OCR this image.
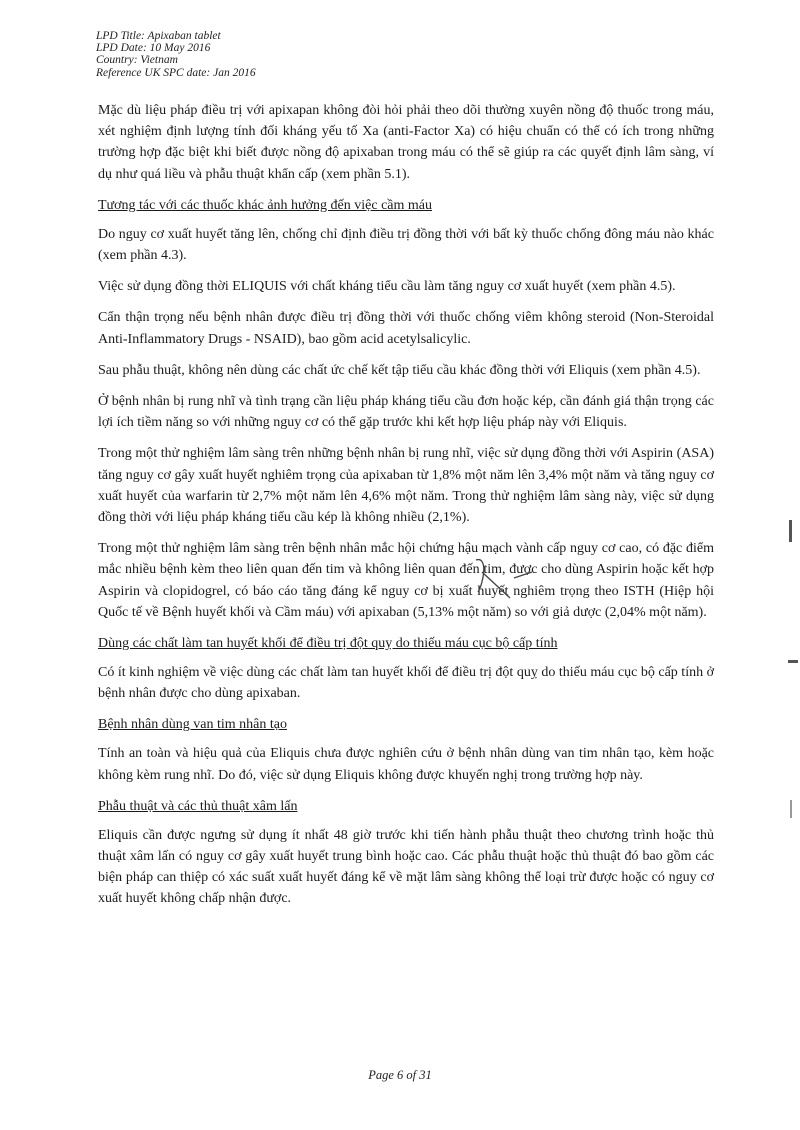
LPD Title: Apixaban tablet
LPD Date: 10 May 2016
Country: Vietnam
Reference UK SPC date: Jan 2016
Mặc dù liệu pháp điều trị với apixapan không đòi hỏi phải theo dõi thường xuyên nồng độ thuốc trong máu, xét nghiệm định lượng tính đối kháng yếu tố Xa (anti-Factor Xa) có hiệu chuẩn có thể có ích trong những trường hợp đặc biệt khi biết được nồng độ apixaban trong máu có thể sẽ giúp ra các quyết định lâm sàng, ví dụ như quá liều và phẫu thuật khẩn cấp (xem phần 5.1).
Tương tác với các thuốc khác ảnh hưởng đến việc cầm máu
Do nguy cơ xuất huyết tăng lên, chống chỉ định điều trị đồng thời với bất kỳ thuốc chống đông máu nào khác (xem phần 4.3).
Việc sử dụng đồng thời ELIQUIS với chất kháng tiểu cầu làm tăng nguy cơ xuất huyết (xem phần 4.5).
Cẩn thận trọng nếu bệnh nhân được điều trị đồng thời với thuốc chống viêm không steroid (Non-Steroidal Anti-Inflammatory Drugs - NSAID), bao gồm acid acetylsalicylic.
Sau phẫu thuật, không nên dùng các chất ức chế kết tập tiểu cầu khác đồng thời với Eliquis (xem phần 4.5).
Ở bệnh nhân bị rung nhĩ và tình trạng cần liệu pháp kháng tiểu cầu đơn hoặc kép, cần đánh giá thận trọng các lợi ích tiềm năng so với những nguy cơ có thể gặp trước khi kết hợp liệu pháp này với Eliquis.
Trong một thử nghiệm lâm sàng trên những bệnh nhân bị rung nhĩ, việc sử dụng đồng thời với Aspirin (ASA) tăng nguy cơ gây xuất huyết nghiêm trọng của apixaban từ 1,8% một năm lên 3,4% một năm và tăng nguy cơ xuất huyết của warfarin từ 2,7% một năm lên 4,6% một năm. Trong thử nghiệm lâm sàng này, việc sử dụng đồng thời với liệu pháp kháng tiểu cầu kép là không nhiều (2,1%).
Trong một thử nghiệm lâm sàng trên bệnh nhân mắc hội chứng hậu mạch vành cấp nguy cơ cao, có đặc điểm mắc nhiều bệnh kèm theo liên quan đến tim và không liên quan đến tim, được cho dùng Aspirin hoặc kết hợp Aspirin và clopidogrel, có báo cáo tăng đáng kể nguy cơ bị xuất huyết nghiêm trọng theo ISTH (Hiệp hội Quốc tế về Bệnh huyết khối và Cầm máu) với apixaban (5,13% một năm) so với giả dược (2,04% một năm).
Dùng các chất làm tan huyết khối để điều trị đột quỵ do thiếu máu cục bộ cấp tính
Có ít kinh nghiệm về việc dùng các chất làm tan huyết khối để điều trị đột quỵ do thiếu máu cục bộ cấp tính ở bệnh nhân được cho dùng apixaban.
Bệnh nhân dùng van tim nhân tạo
Tính an toàn và hiệu quả của Eliquis chưa được nghiên cứu ở bệnh nhân dùng van tim nhân tạo, kèm hoặc không kèm rung nhĩ. Do đó, việc sử dụng Eliquis không được khuyến nghị trong trường hợp này.
Phẫu thuật và các thủ thuật xâm lấn
Eliquis cần được ngưng sử dụng ít nhất 48 giờ trước khi tiến hành phẫu thuật theo chương trình hoặc thủ thuật xâm lấn có nguy cơ gây xuất huyết trung bình hoặc cao. Các phẫu thuật hoặc thủ thuật đó bao gồm các biện pháp can thiệp có xác suất xuất huyết đáng kể về mặt lâm sàng không thể loại trừ được hoặc có nguy cơ xuất huyết không chấp nhận được.
Page 6 of 31
